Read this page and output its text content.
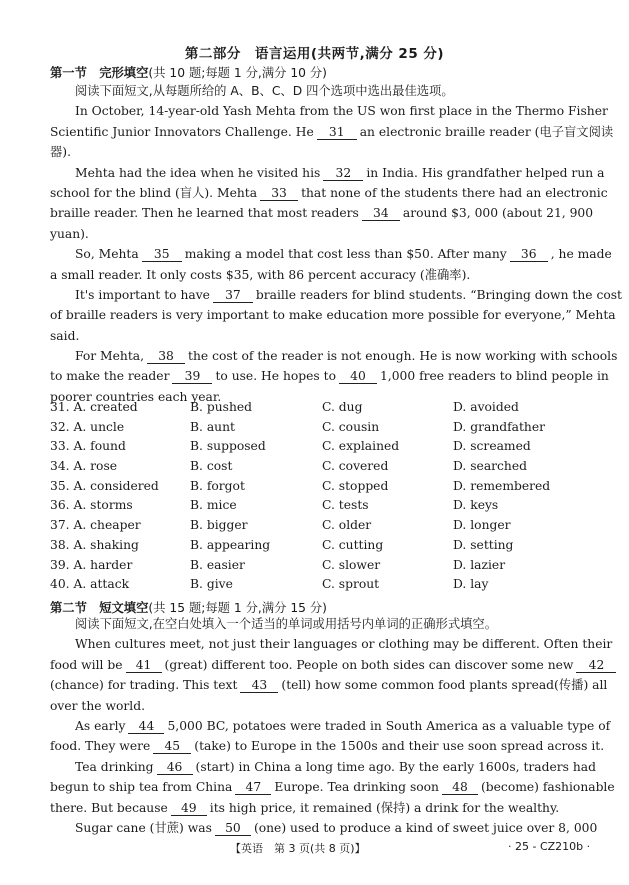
第二部分　语言运用(共两节,满分 25 分)
第一节　完形填空(共 10 题;每题 1 分,满分 10 分)
阅读下面短文,从每题所给的 A、B、C、D 四个选项中选出最佳选项。
In October, 14-year-old Yash Mehta from the US won first place in the Thermo Fisher
Scientific Junior Innovators Challenge. He 31 an electronic braille reader (电子盲文阅读
器).
Mehta had the idea when he visited his 32 in India. His grandfather helped run a
school for the blind (盲人). Mehta 33 that none of the students there had an electronic
braille reader. Then he learned that most readers 34 around $3, 000 (about 21, 900
yuan).
So, Mehta 35 making a model that cost less than $50. After many 36 , he made
a small reader. It only costs $35, with 86 percent accuracy (准确率).
It's important to have 37 braille readers for blind students. “Bringing down the cost
of braille readers is very important to make education more possible for everyone,” Mehta
said.
For Mehta, 38 the cost of the reader is not enough. He is now working with schools
to make the reader 39 to use. He hopes to 40 1,000 free readers to blind people in
poorer countries each year.
31. A. created	B. pushed	C. dug	D. avoided
32. A. uncle	B. aunt	C. cousin	D. grandfather
33. A. found	B. supposed	C. explained	D. screamed
34. A. rose	B. cost	C. covered	D. searched
35. A. considered	B. forgot	C. stopped	D. remembered
36. A. storms	B. mice	C. tests	D. keys
37. A. cheaper	B. bigger	C. older	D. longer
38. A. shaking	B. appearing	C. cutting	D. setting
39. A. harder	B. easier	C. slower	D. lazier
40. A. attack	B. give	C. sprout	D. lay
第二节　短文填空(共 15 题;每题 1 分,满分 15 分)
阅读下面短文,在空白处填入一个适当的单词或用括号内单词的正确形式填空。
When cultures meet, not just their languages or clothing may be different. Often their
food will be 41 (great) different too. People on both sides can discover some new 42
(chance) for trading. This text 43 (tell) how some common food plants spread(传播) all
over the world.
As early 44 5,000 BC, potatoes were traded in South America as a valuable type of
food. They were 45 (take) to Europe in the 1500s and their use soon spread across it.
Tea drinking 46 (start) in China a long time ago. By the early 1600s, traders had
begun to ship tea from China 47 Europe. Tea drinking soon 48 (become) fashionable
there. But because 49 its high price, it remained (保持) a drink for the wealthy.
Sugar cane (甘蔗) was 50 (one) used to produce a kind of sweet juice over 8, 000
【英语　第 3 页(共 8 页)】	· 25 - CZ210b ·
